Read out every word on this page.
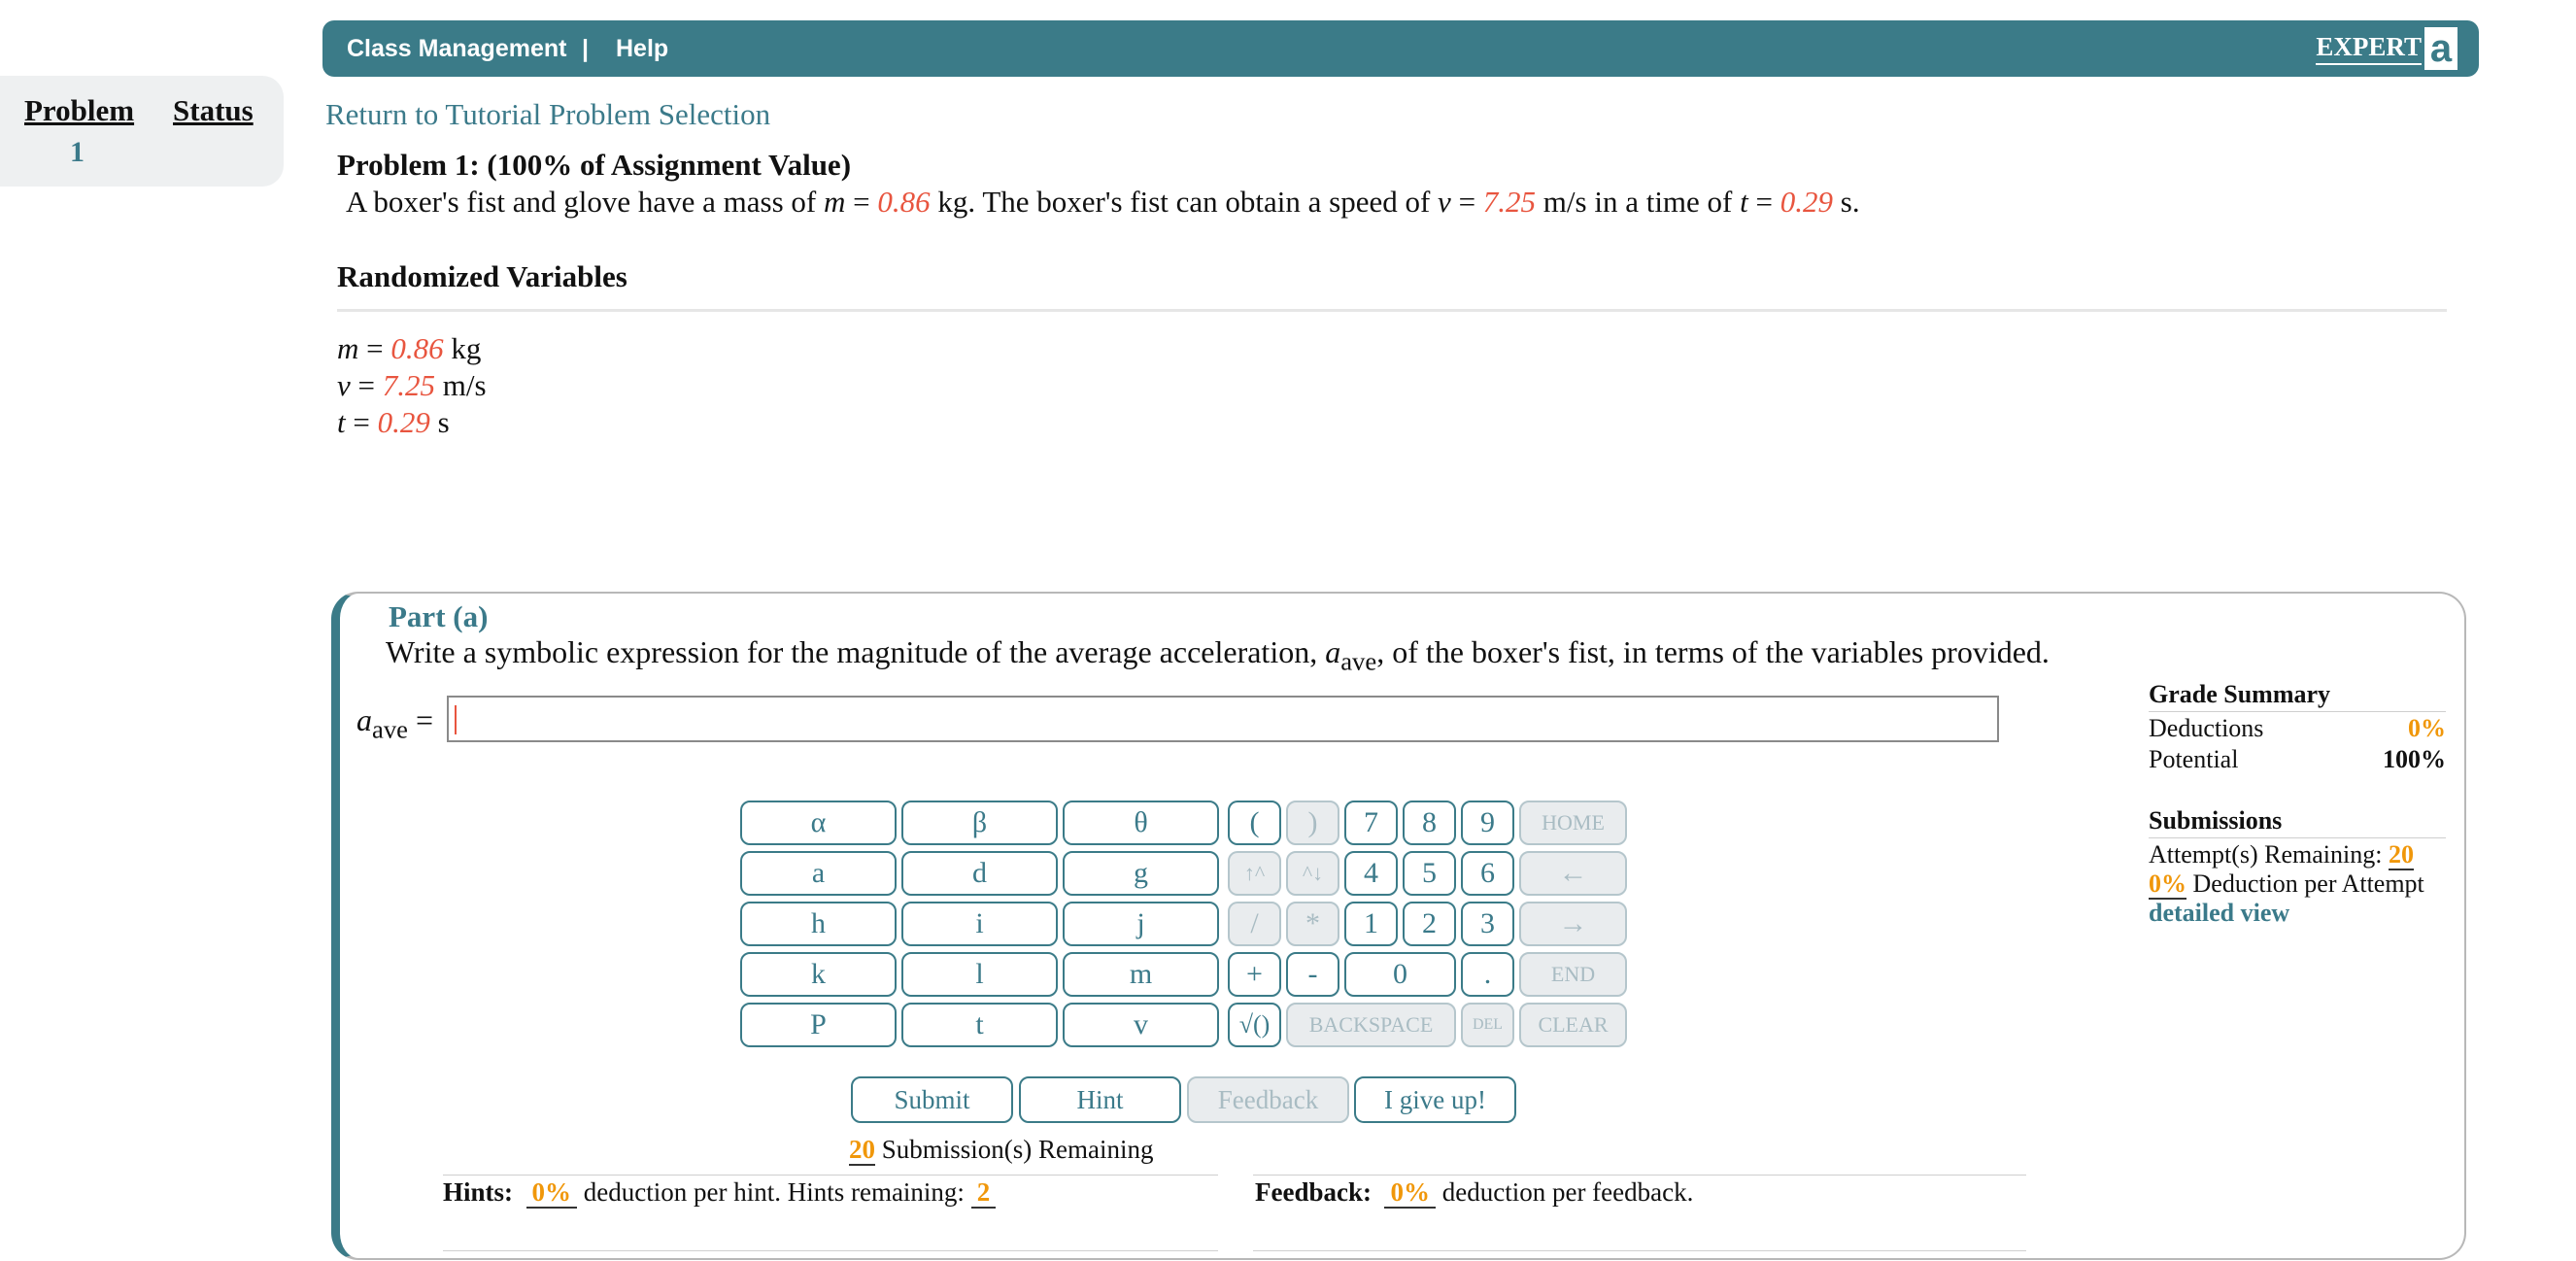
Problem Status
1
Class Management | Help	EXPERT a
Return to Tutorial Problem Selection
Problem 1: (100% of Assignment Value)
A boxer's fist and glove have a mass of m = 0.86 kg. The boxer's fist can obtain a speed of v = 7.25 m/s in a time of t = 0.29 s.
Randomized Variables
m = 0.86 kg
v = 7.25 m/s
t = 0.29 s
Part (a)
Write a symbolic expression for the magnitude of the average acceleration, $a_{ave}$, of the boxer's fist, in terms of the variables provided.
$a_{ave}$ =
α	β	θ
a	d	g
h	i	j
k	l	m
P	t	v
(	)	7	8	9	HOME
↑^	^↓	4	5	6	←
/	*	1	2	3	→
+	-	0	.	END
√()	BACKSPACE	DEL	CLEAR
Submit	Hint	Feedback	I give up!
20 Submission(s) Remaining
Hints: 0% deduction per hint. Hints remaining: 2	Feedback: 0% deduction per feedback.
Grade Summary
Deductions	0%
Potential	100%
Submissions
Attempt(s) Remaining: 20
0% Deduction per Attempt
detailed view
